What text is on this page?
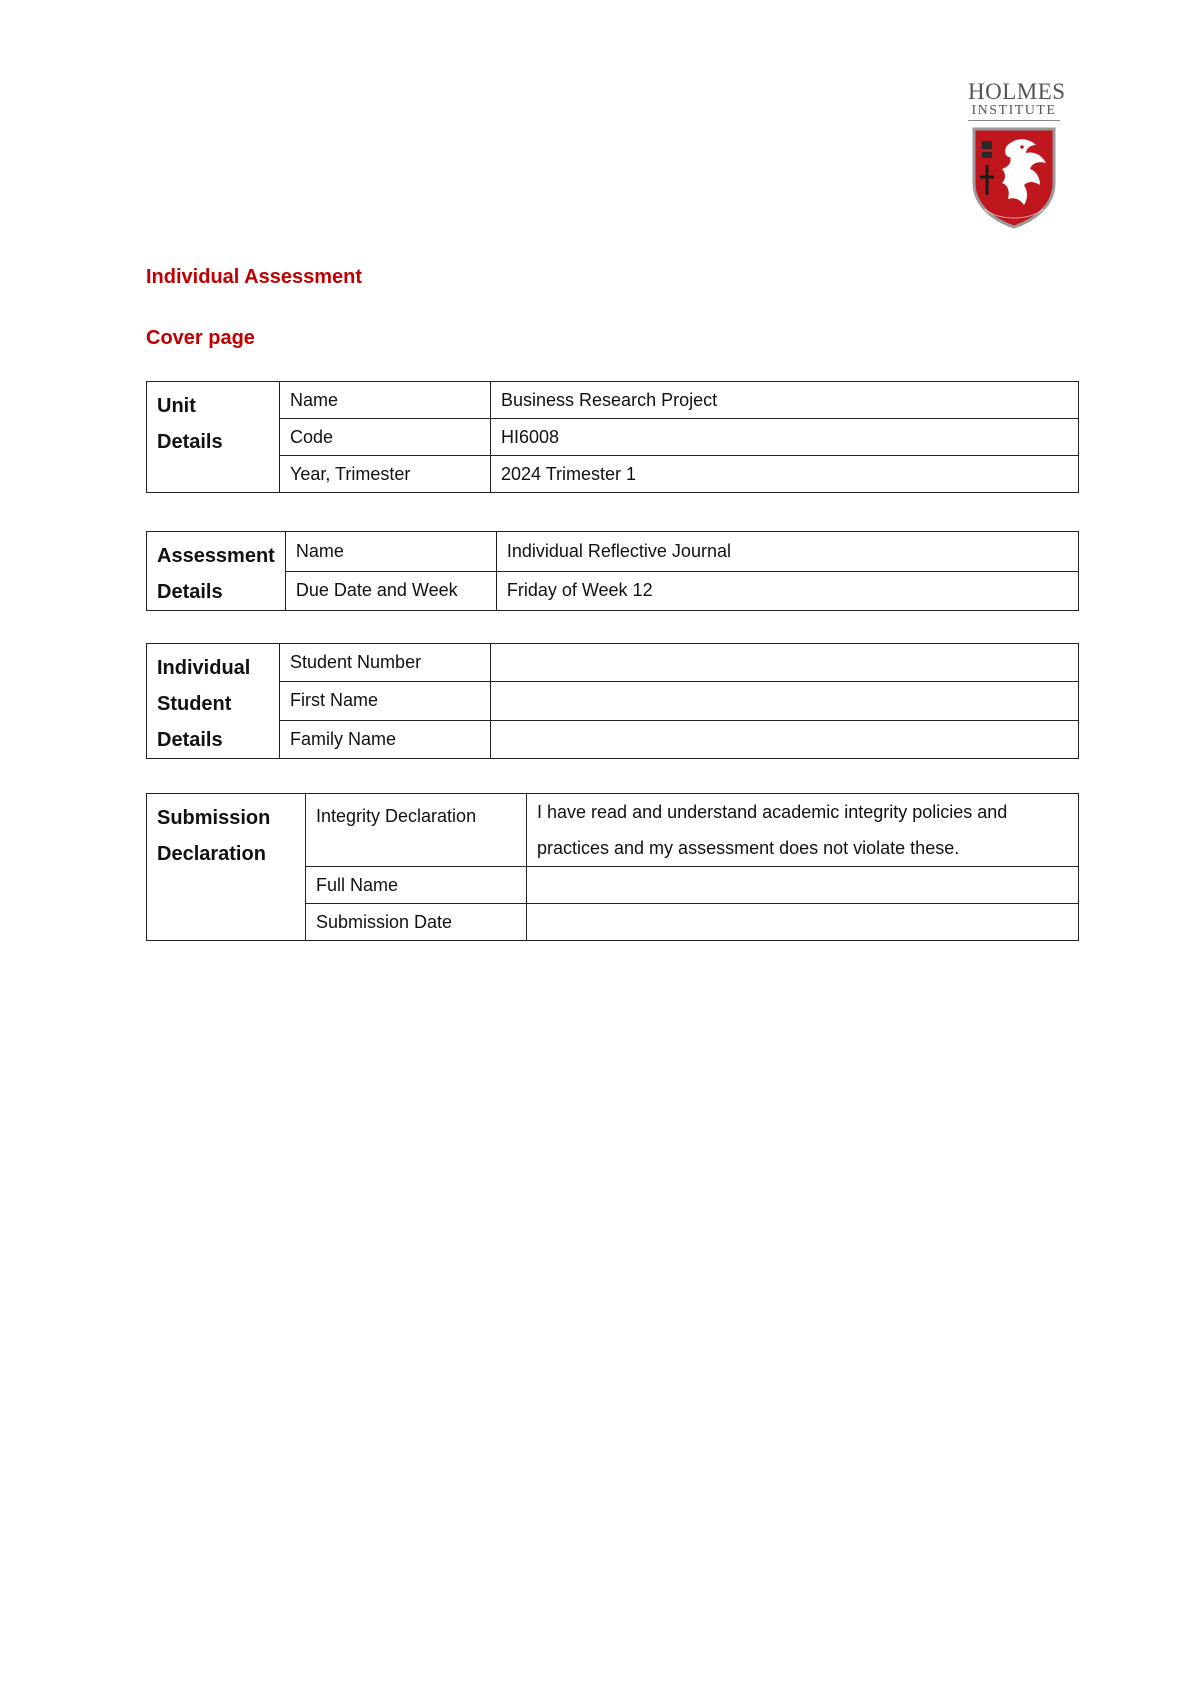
HOLMES
INSTITUTE
Individual Assessment
Cover page
Unit
Details	Name	Business Research Project
	Code	HI6008
	Year, Trimester	2024 Trimester 1
Assessment
Details	Name	Individual Reflective Journal
	Due Date and Week	Friday of Week 12
Individual
Student
Details	Student Number	
	First Name	
	Family Name	
Submission
Declaration	Integrity Declaration	I have read and understand academic integrity policies and practices and my assessment does not violate these.
	Full Name	
	Submission Date	
